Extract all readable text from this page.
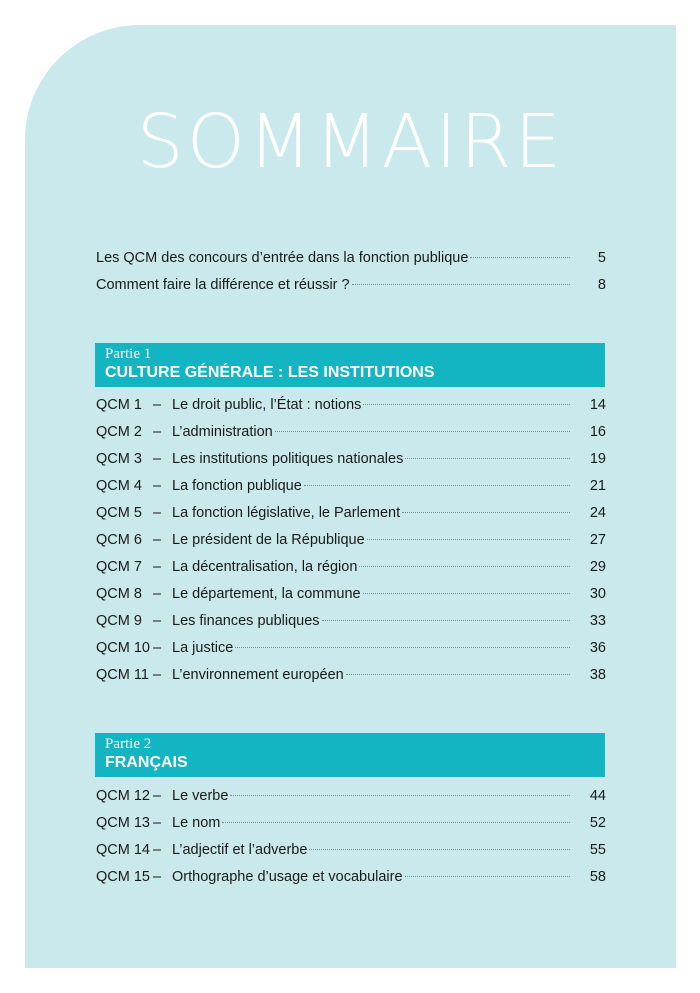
SOMMAIRE
Les QCM des concours d’entrée dans la fonction publique	5
Comment faire la différence et réussir ?	8
Partie 1
CULTURE GÉNÉRALE : LES INSTITUTIONS
QCM 1 – Le droit public, l’État : notions	14
QCM 2 – L’administration	16
QCM 3 – Les institutions politiques nationales	19
QCM 4 – La fonction publique	21
QCM 5 – La fonction législative, le Parlement	24
QCM 6 – Le président de la République	27
QCM 7 – La décentralisation, la région	29
QCM 8 – Le département, la commune	30
QCM 9 – Les finances publiques	33
QCM 10 – La justice	36
QCM 11 – L’environnement européen	38
Partie 2
FRANÇAIS
QCM 12 – Le verbe	44
QCM 13 – Le nom	52
QCM 14 – L’adjectif et l’adverbe	55
QCM 15 – Orthographe d’usage et vocabulaire	58
